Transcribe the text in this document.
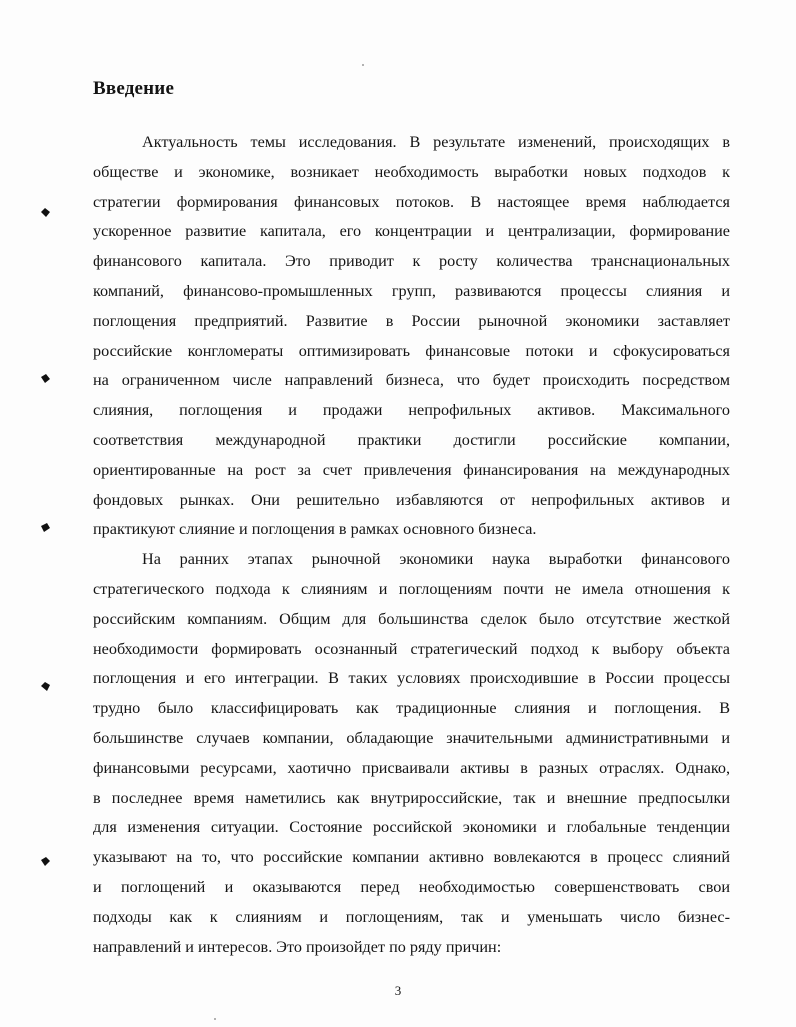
Введение
Актуальность темы исследования. В результате изменений, происходящих в
обществе и экономике, возникает необходимость выработки новых подходов к
стратегии формирования финансовых потоков. В настоящее время наблюдается
ускоренное развитие капитала, его концентрации и централизации, формирование
финансового капитала. Это приводит к росту количества транснациональных
компаний, финансово-промышленных групп, развиваются процессы слияния и
поглощения предприятий. Развитие в России рыночной экономики заставляет
российские конгломераты оптимизировать финансовые потоки и сфокусироваться
на ограниченном числе направлений бизнеса, что будет происходить посредством
слияния, поглощения и продажи непрофильных активов. Максимального
соответствия международной практики достигли российские компании,
ориентированные на рост за счет привлечения финансирования на международных
фондовых рынках. Они решительно избавляются от непрофильных активов и
практикуют слияние и поглощения в рамках основного бизнеса.
На ранних этапах рыночной экономики наука выработки финансового
стратегического подхода к слияниям и поглощениям почти не имела отношения к
российским компаниям. Общим для большинства сделок было отсутствие жесткой
необходимости формировать осознанный стратегический подход к выбору объекта
поглощения и его интеграции. В таких условиях происходившие в России процессы
трудно было классифицировать как традиционные слияния и поглощения. В
большинстве случаев компании, обладающие значительными административными и
финансовыми ресурсами, хаотично присваивали активы в разных отраслях. Однако,
в последнее время наметились как внутрироссийские, так и внешние предпосылки
для изменения ситуации. Состояние российской экономики и глобальные тенденции
указывают на то, что российские компании активно вовлекаются в процесс слияний
и поглощений и оказываются перед необходимостью совершенствовать свои
подходы как к слияниям и поглощениям, так и уменьшать число бизнес-
направлений и интересов. Это произойдет по ряду причин:
3
